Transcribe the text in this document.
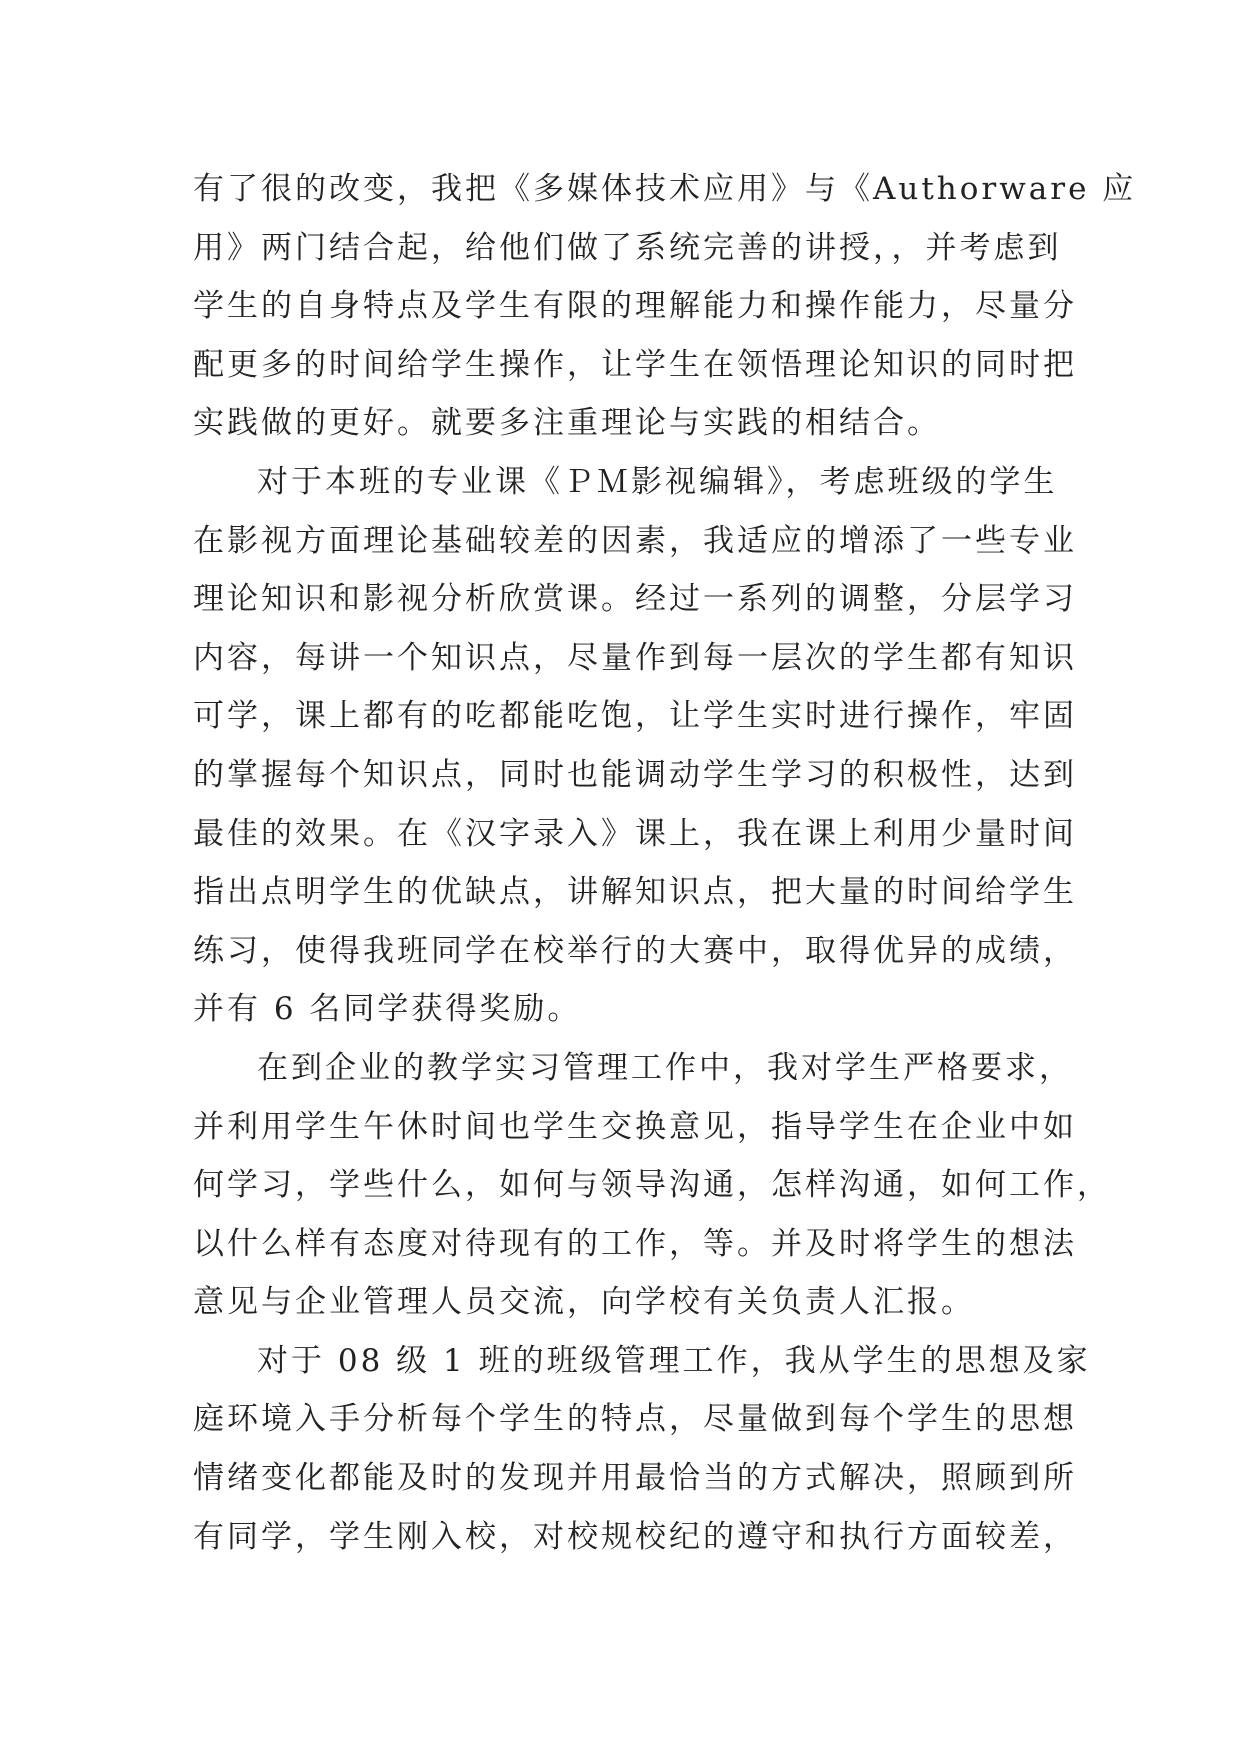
有了很的改变，我把《多媒体技术应用》与《Authorware 应
用》两门结合起，给他们做了系统完善的讲授，，并考虑到
学生的自身特点及学生有限的理解能力和操作能力，尽量分
配更多的时间给学生操作，让学生在领悟理论知识的同时把
实践做的更好。就要多注重理论与实践的相结合。
对于本班的专业课《ＰＭ影视编辑》，考虑班级的学生
在影视方面理论基础较差的因素，我适应的增添了一些专业
理论知识和影视分析欣赏课。经过一系列的调整，分层学习
内容，每讲一个知识点，尽量作到每一层次的学生都有知识
可学，课上都有的吃都能吃饱，让学生实时进行操作，牢固
的掌握每个知识点，同时也能调动学生学习的积极性，达到
最佳的效果。在《汉字录入》课上，我在课上利用少量时间
指出点明学生的优缺点，讲解知识点，把大量的时间给学生
练习，使得我班同学在校举行的大赛中，取得优异的成绩，
并有 6 名同学获得奖励。
在到企业的教学实习管理工作中，我对学生严格要求，
并利用学生午休时间也学生交换意见，指导学生在企业中如
何学习，学些什么，如何与领导沟通，怎样沟通，如何工作，
以什么样有态度对待现有的工作，等。并及时将学生的想法
意见与企业管理人员交流，向学校有关负责人汇报。
对于 08 级 1 班的班级管理工作，我从学生的思想及家
庭环境入手分析每个学生的特点，尽量做到每个学生的思想
情绪变化都能及时的发现并用最恰当的方式解决，照顾到所
有同学，学生刚入校，对校规校纪的遵守和执行方面较差，
